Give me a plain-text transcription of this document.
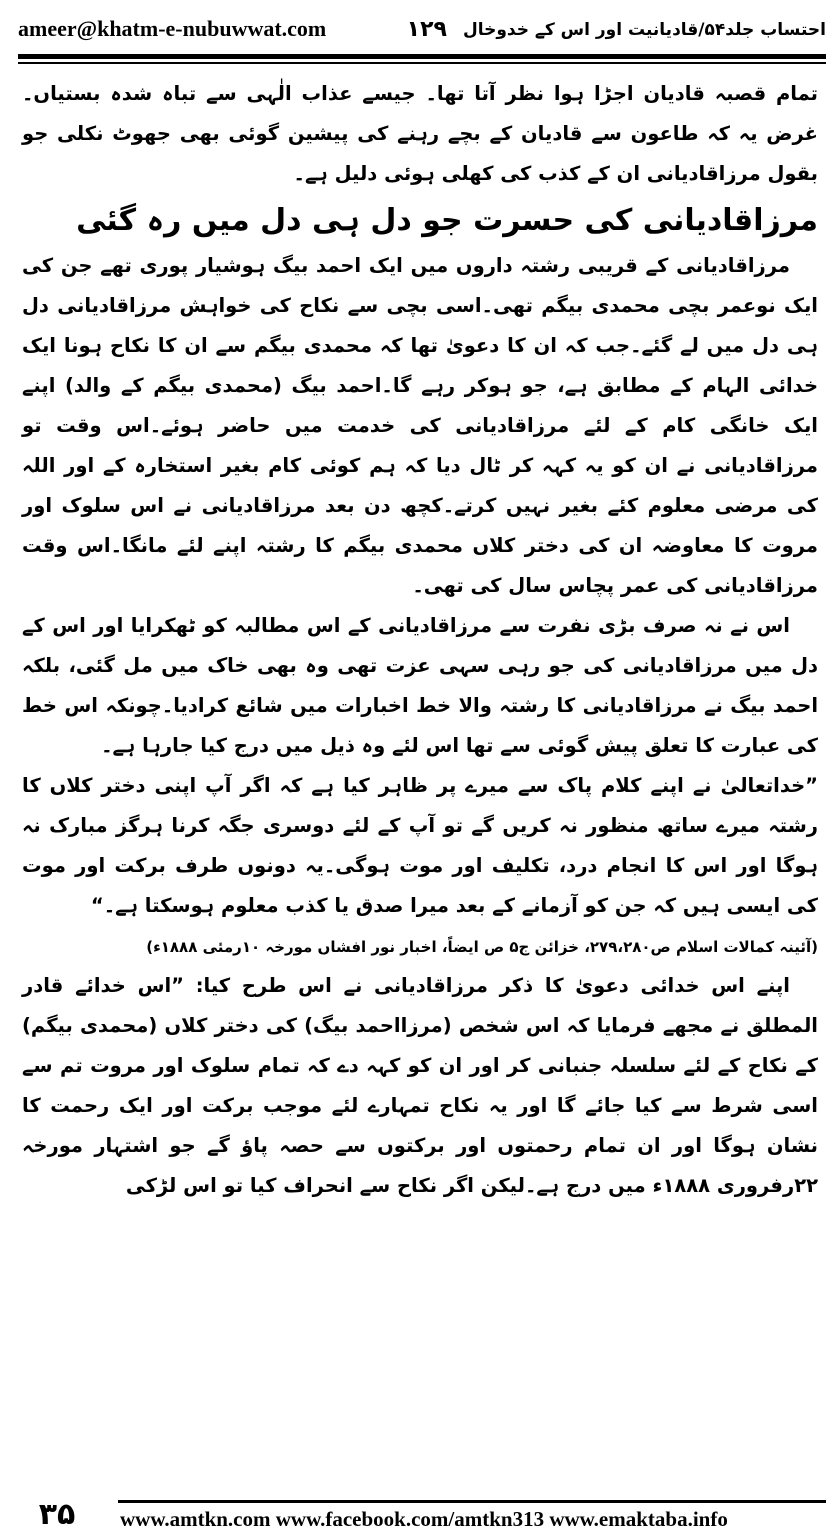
ameer@khatm-e-nubuwwat.com	احتساب جلد۵۴/قادیانیت اور اس کے خدوخال
۱۲۹

تمام قصبہ قادیان اجڑا ہوا نظر آتا تھا۔ جیسے عذاب الٰہی سے تباہ شدہ بستیاں۔غرض یہ کہ طاعون سے قادیان کے بچے رہنے کی پیشین گوئی بھی جھوٹ نکلی جو بقول مرزاقادیانی ان کے کذب کی کھلی ہوئی دلیل ہے۔

مرزاقادیانی کی حسرت جو دل ہی دل میں رہ گئی

مرزاقادیانی کے قریبی رشتہ داروں میں ایک احمد بیگ ہوشیار پوری تھے جن کی ایک نوعمر بچی محمدی بیگم تھی۔اسی بچی سے نکاح کی خواہش مرزاقادیانی دل ہی دل میں لے گئے۔جب کہ ان کا دعویٰ تھا کہ محمدی بیگم سے ان کا نکاح ہونا ایک خدائی الہام کے مطابق ہے، جو ہوکر رہے گا۔احمد بیگ (محمدی بیگم کے والد) اپنے ایک خانگی کام کے لئے مرزاقادیانی کی خدمت میں حاضر ہوئے۔اس وقت تو مرزاقادیانی نے ان کو یہ کہہ کر ٹال دیا کہ ہم کوئی کام بغیر استخارہ کے اور اللہ کی مرضی معلوم کئے بغیر نہیں کرتے۔کچھ دن بعد مرزاقادیانی نے اس سلوک اور مروت کا معاوضہ ان کی دختر کلاں محمدی بیگم کا رشتہ اپنے لئے مانگا۔اس وقت مرزاقادیانی کی عمر پچاس سال کی تھی۔

اس نے نہ صرف بڑی نفرت سے مرزاقادیانی کے اس مطالبہ کو ٹھکرایا اور اس کے دل میں مرزاقادیانی کی جو رہی سہی عزت تھی وہ بھی خاک میں مل گئی، بلکہ احمد بیگ نے مرزاقادیانی کا رشتہ والا خط اخبارات میں شائع کرادیا۔چونکہ اس خط کی عبارت کا تعلق پیش گوئی سے تھا اس لئے وہ ذیل میں درج کیا جارہا ہے۔

”خداتعالیٰ نے اپنے کلام پاک سے میرے پر ظاہر کیا ہے کہ اگر آپ اپنی دختر کلاں کا رشتہ میرے ساتھ منظور نہ کریں گے تو آپ کے لئے دوسری جگہ کرنا ہرگز مبارک نہ ہوگا اور اس کا انجام درد، تکلیف اور موت ہوگی۔یہ دونوں طرف برکت اور موت کی ایسی ہیں کہ جن کو آزمانے کے بعد میرا صدق یا کذب معلوم ہوسکتا ہے۔“

(آئینہ کمالات اسلام ص۲۷۹،۲۸۰، خزائن ج۵ ص ایضاً، اخبار نور افشاں مورخہ ۱۰رمئی ۱۸۸۸ء)

اپنے اس خدائی دعویٰ کا ذکر مرزاقادیانی نے اس طرح کیا: ”اس خدائے قادر المطلق نے مجھے فرمایا کہ اس شخص (مرزااحمد بیگ) کی دختر کلاں (محمدی بیگم) کے نکاح کے لئے سلسلہ جنبانی کر اور ان کو کہہ دے کہ تمام سلوک اور مروت تم سے اسی شرط سے کیا جائے گا اور یہ نکاح تمہارے لئے موجب برکت اور ایک رحمت کا نشان ہوگا اور ان تمام رحمتوں اور برکتوں سے حصہ پاؤ گے جو اشتہار مورخہ ۲۲رفروری ۱۸۸۸ء میں درج ہے۔لیکن اگر نکاح سے انحراف کیا تو اس لڑکی

۳۵	www.amtkn.com www.facebook.com/amtkn313 www.emaktaba.info
